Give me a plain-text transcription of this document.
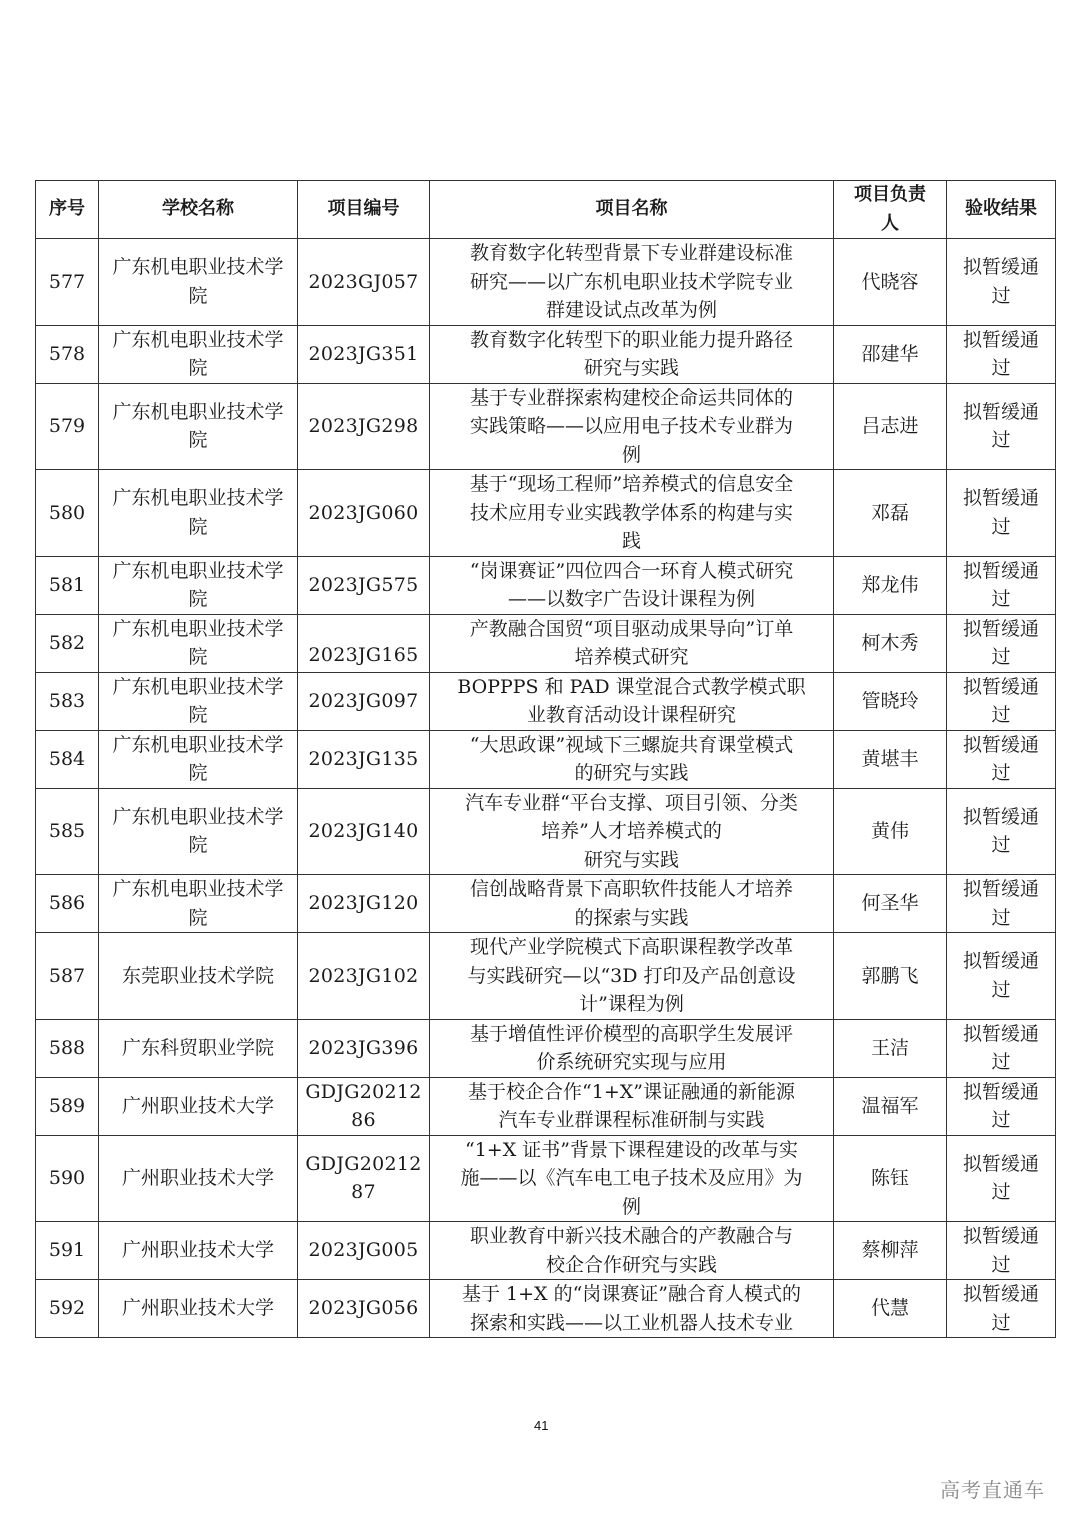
序号	学校名称	项目编号	项目名称	项目负责人	验收结果
577	广东机电职业技术学院	2023GJ057	教育数字化转型背景下专业群建设标准
研究——以广东机电职业技术学院专业
群建设试点改革为例	代晓容	拟暂缓通过
578	广东机电职业技术学院	2023JG351	教育数字化转型下的职业能力提升路径
研究与实践	邵建华	拟暂缓通过
579	广东机电职业技术学院	2023JG298	基于专业群探索构建校企命运共同体的
实践策略——以应用电子技术专业群为
例	吕志进	拟暂缓通过
580	广东机电职业技术学院	2023JG060	基于“现场工程师”培养模式的信息安全
技术应用专业实践教学体系的构建与实
践	邓磊	拟暂缓通过
581	广东机电职业技术学院	2023JG575	“岗课赛证”四位四合一环育人模式研究
——以数字广告设计课程为例	郑龙伟	拟暂缓通过
582	广东机电职业技术学院	2023JG165	产教融合国贸“项目驱动成果导向”订单
培养模式研究	柯木秀	拟暂缓通过
583	广东机电职业技术学院	2023JG097	BOPPPS 和 PAD 课堂混合式教学模式职
业教育活动设计课程研究	管晓玲	拟暂缓通过
584	广东机电职业技术学院	2023JG135	“大思政课”视域下三螺旋共育课堂模式
的研究与实践	黄堪丰	拟暂缓通过
585	广东机电职业技术学院	2023JG140	汽车专业群“平台支撑、项目引领、分类
培养”人才培养模式的
研究与实践	黄伟	拟暂缓通过
586	广东机电职业技术学院	2023JG120	信创战略背景下高职软件技能人才培养
的探索与实践	何圣华	拟暂缓通过
587	东莞职业技术学院	2023JG102	现代产业学院模式下高职课程教学改革
与实践研究—以“3D 打印及产品创意设
计”课程为例	郭鹏飞	拟暂缓通过
588	广东科贸职业学院	2023JG396	基于增值性评价模型的高职学生发展评
价系统研究实现与应用	王洁	拟暂缓通过
589	广州职业技术大学	GDJG2021286	基于校企合作“1+X”课证融通的新能源
汽车专业群课程标准研制与实践	温福军	拟暂缓通过
590	广州职业技术大学	GDJG2021287	“1+X 证书”背景下课程建设的改革与实
施——以《汽车电工电子技术及应用》为
例	陈钰	拟暂缓通过
591	广州职业技术大学	2023JG005	职业教育中新兴技术融合的产教融合与
校企合作研究与实践	蔡柳萍	拟暂缓通过
592	广州职业技术大学	2023JG056	基于 1+X 的“岗课赛证”融合育人模式的
探索和实践——以工业机器人技术专业	代慧	拟暂缓通过
41
高考直通车
